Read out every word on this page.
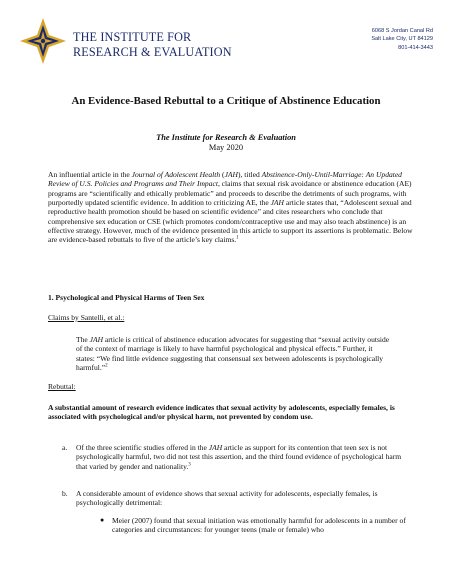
THE INSTITUTE FOR
RESEARCH & EVALUATION
6068 S Jordan Canal Rd
Salt Lake City, UT 84129
801-414-3443
An Evidence-Based Rebuttal to a Critique of Abstinence Education
The Institute for Research & Evaluation
May 2020

An influential article in the Journal of Adolescent Health (JAH), titled Abstinence-Only-Until-Marriage: An Updated Review of U.S. Policies and Programs and Their Impact, claims that sexual risk avoidance or abstinence education (AE) programs are “scientifically and ethically problematic” and proceeds to describe the detriments of such programs, with purportedly updated scientific evidence. In addition to criticizing AE, the JAH article states that, “Adolescent sexual and reproductive health promotion should be based on scientific evidence” and cites researchers who conclude that comprehensive sex education or CSE (which promotes condom/contraceptive use and may also teach abstinence) is an effective strategy. However, much of the evidence presented in this article to support its assertions is problematic. Below are evidence-based rebuttals to five of the article’s key claims.$^1$

1. Psychological and Physical Harms of Teen Sex
Claims by Santelli, et al.:

The JAH article is critical of abstinence education advocates for suggesting that “sexual activity outside of the context of marriage is likely to have harmful psychological and physical effects.” Further, it states: “We find little evidence suggesting that consensual sex between adolescents is psychologically harmful.”$^2$

Rebuttal:

A substantial amount of research evidence indicates that sexual activity by adolescents, especially females, is associated with psychological and/or physical harm, not prevented by condom use.

a. Of the three scientific studies offered in the JAH article as support for its contention that teen sex is not psychologically harmful, two did not test this assertion, and the third found evidence of psychological harm that varied by gender and nationality.$^3$

b. A considerable amount of evidence shows that sexual activity for adolescents, especially females, is psychologically detrimental:

● Meier (2007) found that sexual initiation was emotionally harmful for adolescents in a number of categories and circumstances: for younger teens (male or female) who
